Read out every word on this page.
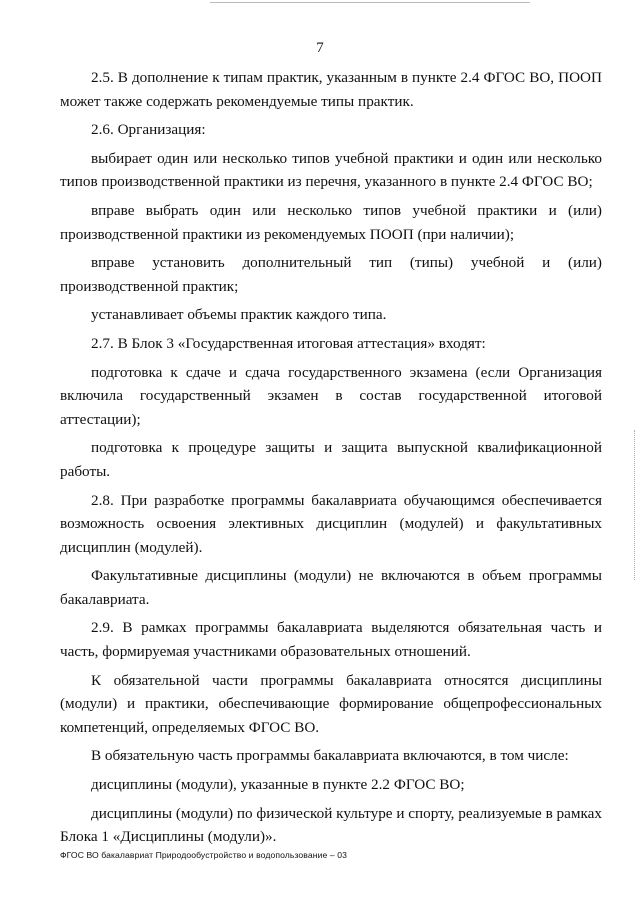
7

2.5. В дополнение к типам практик, указанным в пункте 2.4 ФГОС ВО, ПООП может также содержать рекомендуемые типы практик.

2.6. Организация:

выбирает один или несколько типов учебной практики и один или несколько типов производственной практики из перечня, указанного в пункте 2.4 ФГОС ВО;

вправе выбрать один или несколько типов учебной практики и (или) производственной практики из рекомендуемых ПООП (при наличии);

вправе установить дополнительный тип (типы) учебной и (или) производственной практик;

устанавливает объемы практик каждого типа.

2.7. В Блок 3 «Государственная итоговая аттестация» входят:

подготовка к сдаче и сдача государственного экзамена (если Организация включила государственный экзамен в состав государственной итоговой аттестации);

подготовка к процедуре защиты и защита выпускной квалификационной работы.

2.8. При разработке программы бакалавриата обучающимся обеспечивается возможность освоения элективных дисциплин (модулей) и факультативных дисциплин (модулей).

Факультативные дисциплины (модули) не включаются в объем программы бакалавриата.

2.9. В рамках программы бакалавриата выделяются обязательная часть и часть, формируемая участниками образовательных отношений.

К обязательной части программы бакалавриата относятся дисциплины (модули) и практики, обеспечивающие формирование общепрофессиональных компетенций, определяемых ФГОС ВО.

В обязательную часть программы бакалавриата включаются, в том числе:

дисциплины (модули), указанные в пункте 2.2 ФГОС ВО;

дисциплины (модули) по физической культуре и спорту, реализуемые в рамках Блока 1 «Дисциплины (модули)».

ФГОС ВО бакалавриат Природообустройство и водопользование – 03
